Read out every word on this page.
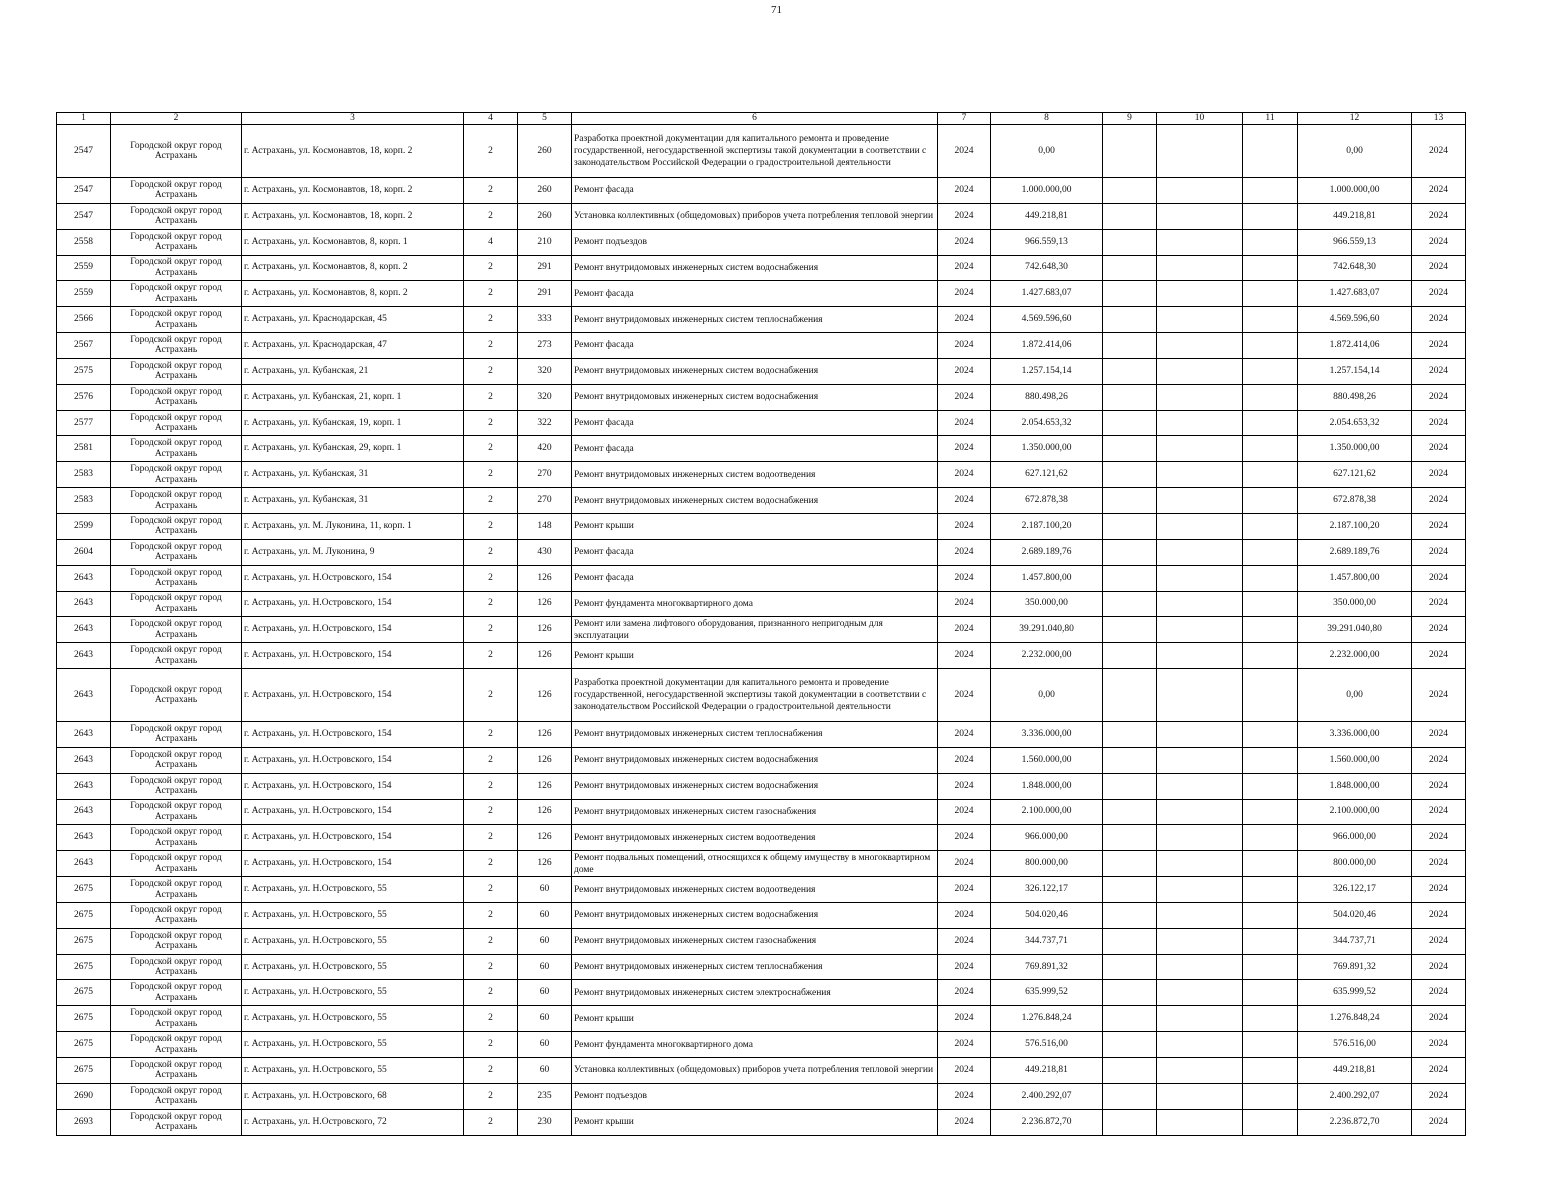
71
1	2	3	4	5	6	7	8	9	10	11	12	13
2547	Городской округ город Астрахань	г. Астрахань, ул. Космонавтов, 18, корп. 2	2	260	Разработка проектной документации для капитального ремонта и проведение государственной, негосударственной экспертизы такой документации в соответствии с законодательством Российской Федерации о градостроительной деятельности	2024	0,00				0,00	2024
2547	Городской округ город Астрахань	г. Астрахань, ул. Космонавтов, 18, корп. 2	2	260	Ремонт фасада	2024	1.000.000,00				1.000.000,00	2024
2547	Городской округ город Астрахань	г. Астрахань, ул. Космонавтов, 18, корп. 2	2	260	Установка коллективных (общедомовых) приборов учета потребления тепловой энергии	2024	449.218,81				449.218,81	2024
2558	Городской округ город Астрахань	г. Астрахань, ул. Космонавтов, 8, корп. 1	4	210	Ремонт подъездов	2024	966.559,13				966.559,13	2024
2559	Городской округ город Астрахань	г. Астрахань, ул. Космонавтов, 8, корп. 2	2	291	Ремонт внутридомовых инженерных систем водоснабжения	2024	742.648,30				742.648,30	2024
2559	Городской округ город Астрахань	г. Астрахань, ул. Космонавтов, 8, корп. 2	2	291	Ремонт фасада	2024	1.427.683,07				1.427.683,07	2024
2566	Городской округ город Астрахань	г. Астрахань, ул. Краснодарская, 45	2	333	Ремонт внутридомовых инженерных систем теплоснабжения	2024	4.569.596,60				4.569.596,60	2024
2567	Городской округ город Астрахань	г. Астрахань, ул. Краснодарская, 47	2	273	Ремонт фасада	2024	1.872.414,06				1.872.414,06	2024
2575	Городской округ город Астрахань	г. Астрахань, ул. Кубанская, 21	2	320	Ремонт внутридомовых инженерных систем водоснабжения	2024	1.257.154,14				1.257.154,14	2024
2576	Городской округ город Астрахань	г. Астрахань, ул. Кубанская, 21, корп. 1	2	320	Ремонт внутридомовых инженерных систем водоснабжения	2024	880.498,26				880.498,26	2024
2577	Городской округ город Астрахань	г. Астрахань, ул. Кубанская, 19, корп. 1	2	322	Ремонт фасада	2024	2.054.653,32				2.054.653,32	2024
2581	Городской округ город Астрахань	г. Астрахань, ул. Кубанская, 29, корп. 1	2	420	Ремонт фасада	2024	1.350.000,00				1.350.000,00	2024
2583	Городской округ город Астрахань	г. Астрахань, ул. Кубанская, 31	2	270	Ремонт внутридомовых инженерных систем водоотведения	2024	627.121,62				627.121,62	2024
2583	Городской округ город Астрахань	г. Астрахань, ул. Кубанская, 31	2	270	Ремонт внутридомовых инженерных систем водоснабжения	2024	672.878,38				672.878,38	2024
2599	Городской округ город Астрахань	г. Астрахань, ул. М. Луконина, 11, корп. 1	2	148	Ремонт крыши	2024	2.187.100,20				2.187.100,20	2024
2604	Городской округ город Астрахань	г. Астрахань, ул. М. Луконина, 9	2	430	Ремонт фасада	2024	2.689.189,76				2.689.189,76	2024
2643	Городской округ город Астрахань	г. Астрахань, ул. Н.Островского, 154	2	126	Ремонт фасада	2024	1.457.800,00				1.457.800,00	2024
2643	Городской округ город Астрахань	г. Астрахань, ул. Н.Островского, 154	2	126	Ремонт фундамента многоквартирного дома	2024	350.000,00				350.000,00	2024
2643	Городской округ город Астрахань	г. Астрахань, ул. Н.Островского, 154	2	126	Ремонт или замена лифтового оборудования, признанного непригодным для эксплуатации	2024	39.291.040,80				39.291.040,80	2024
2643	Городской округ город Астрахань	г. Астрахань, ул. Н.Островского, 154	2	126	Ремонт крыши	2024	2.232.000,00				2.232.000,00	2024
2643	Городской округ город Астрахань	г. Астрахань, ул. Н.Островского, 154	2	126	Разработка проектной документации для капитального ремонта и проведение государственной, негосударственной экспертизы такой документации в соответствии с законодательством Российской Федерации о градостроительной деятельности	2024	0,00				0,00	2024
2643	Городской округ город Астрахань	г. Астрахань, ул. Н.Островского, 154	2	126	Ремонт внутридомовых инженерных систем теплоснабжения	2024	3.336.000,00				3.336.000,00	2024
2643	Городской округ город Астрахань	г. Астрахань, ул. Н.Островского, 154	2	126	Ремонт внутридомовых инженерных систем водоснабжения	2024	1.560.000,00				1.560.000,00	2024
2643	Городской округ город Астрахань	г. Астрахань, ул. Н.Островского, 154	2	126	Ремонт внутридомовых инженерных систем водоснабжения	2024	1.848.000,00				1.848.000,00	2024
2643	Городской округ город Астрахань	г. Астрахань, ул. Н.Островского, 154	2	126	Ремонт внутридомовых инженерных систем газоснабжения	2024	2.100.000,00				2.100.000,00	2024
2643	Городской округ город Астрахань	г. Астрахань, ул. Н.Островского, 154	2	126	Ремонт внутридомовых инженерных систем водоотведения	2024	966.000,00				966.000,00	2024
2643	Городской округ город Астрахань	г. Астрахань, ул. Н.Островского, 154	2	126	Ремонт подвальных помещений, относящихся к общему имуществу в многоквартирном доме	2024	800.000,00				800.000,00	2024
2675	Городской округ город Астрахань	г. Астрахань, ул. Н.Островского, 55	2	60	Ремонт внутридомовых инженерных систем водоотведения	2024	326.122,17				326.122,17	2024
2675	Городской округ город Астрахань	г. Астрахань, ул. Н.Островского, 55	2	60	Ремонт внутридомовых инженерных систем водоснабжения	2024	504.020,46				504.020,46	2024
2675	Городской округ город Астрахань	г. Астрахань, ул. Н.Островского, 55	2	60	Ремонт внутридомовых инженерных систем газоснабжения	2024	344.737,71				344.737,71	2024
2675	Городской округ город Астрахань	г. Астрахань, ул. Н.Островского, 55	2	60	Ремонт внутридомовых инженерных систем теплоснабжения	2024	769.891,32				769.891,32	2024
2675	Городской округ город Астрахань	г. Астрахань, ул. Н.Островского, 55	2	60	Ремонт внутридомовых инженерных систем электроснабжения	2024	635.999,52				635.999,52	2024
2675	Городской округ город Астрахань	г. Астрахань, ул. Н.Островского, 55	2	60	Ремонт крыши	2024	1.276.848,24				1.276.848,24	2024
2675	Городской округ город Астрахань	г. Астрахань, ул. Н.Островского, 55	2	60	Ремонт фундамента многоквартирного дома	2024	576.516,00				576.516,00	2024
2675	Городской округ город Астрахань	г. Астрахань, ул. Н.Островского, 55	2	60	Установка коллективных (общедомовых) приборов учета потребления тепловой энергии	2024	449.218,81				449.218,81	2024
2690	Городской округ город Астрахань	г. Астрахань, ул. Н.Островского, 68	2	235	Ремонт подъездов	2024	2.400.292,07				2.400.292,07	2024
2693	Городской округ город Астрахань	г. Астрахань, ул. Н.Островского, 72	2	230	Ремонт крыши	2024	2.236.872,70				2.236.872,70	2024
